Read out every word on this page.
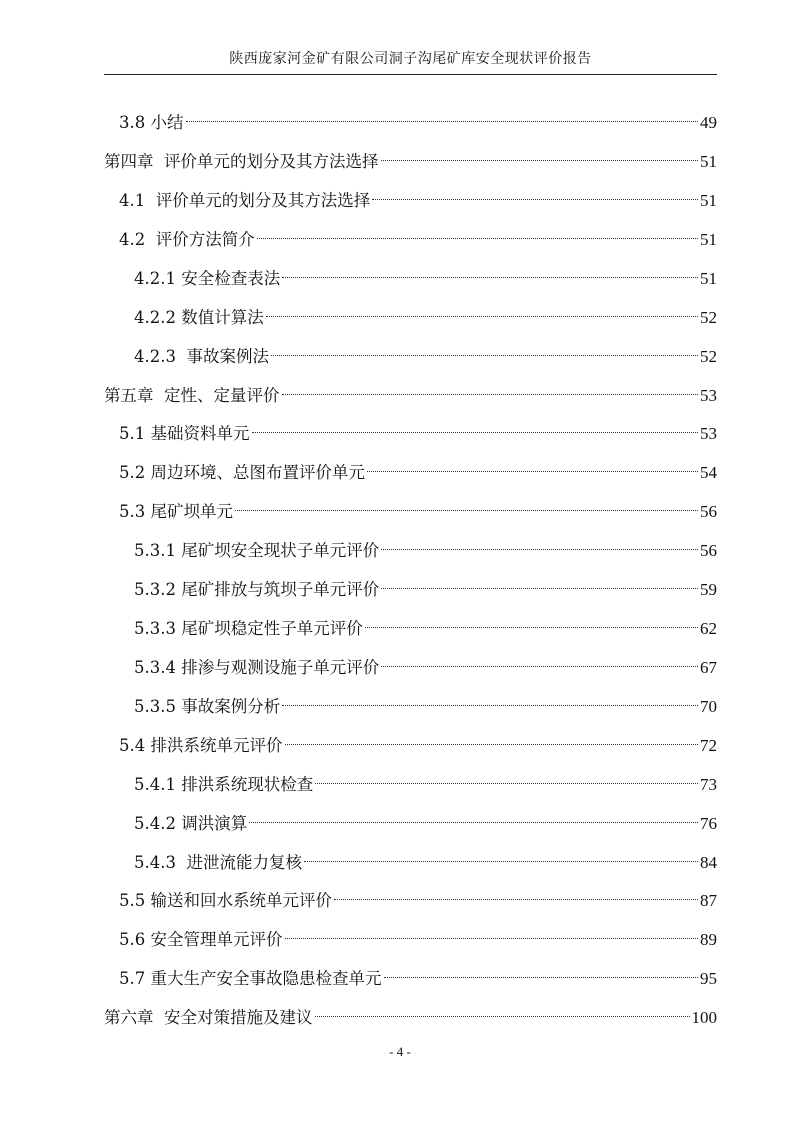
陕西庞家河金矿有限公司洞子沟尾矿库安全现状评价报告
3.8 小结	49
第四章  评价单元的划分及其方法选择	51
4.1  评价单元的划分及其方法选择	51
4.2  评价方法简介	51
4.2.1 安全检查表法	51
4.2.2 数值计算法	52
4.2.3  事故案例法	52
第五章  定性、定量评价	53
5.1 基础资料单元	53
5.2 周边环境、总图布置评价单元	54
5.3 尾矿坝单元	56
5.3.1 尾矿坝安全现状子单元评价	56
5.3.2 尾矿排放与筑坝子单元评价	59
5.3.3 尾矿坝稳定性子单元评价	62
5.3.4 排渗与观测设施子单元评价	67
5.3.5 事故案例分析	70
5.4 排洪系统单元评价	72
5.4.1 排洪系统现状检查	73
5.4.2 调洪演算	76
5.4.3  进泄流能力复核	84
5.5 输送和回水系统单元评价	87
5.6 安全管理单元评价	89
5.7 重大生产安全事故隐患检查单元	95
第六章  安全对策措施及建议	100
- 4 -
